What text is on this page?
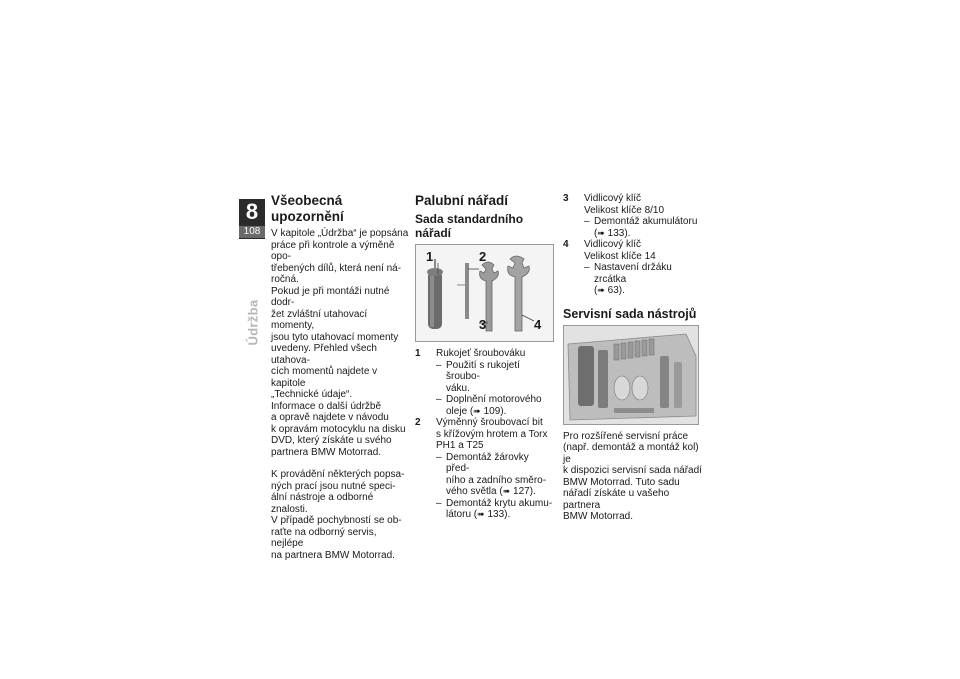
8
108
Údržba
Všeobecná upozornění

V kapitole „Údržba“ je popsána
práce při kontrole a výměně opo-
třebených dílů, která není ná-
ročná.
Pokud je při montáži nutné dodr-
žet zvláštní utahovací momenty,
jsou tyto utahovací momenty
uvedeny. Přehled všech utahova-
cích momentů najdete v kapitole
„Technické údaje“.
Informace o další údržbě
a opravě najdete v návodu
k opravám motocyklu na disku
DVD, který získáte u svého
partnera BMW Motorrad.

K provádění některých popsa-
ných prací jsou nutné speci-
ální nástroje a odborné znalosti.
V případě pochybností se ob-
raťte na odborný servis, nejlépe
na partnera BMW Motorrad.

Palubní nářadí
Sada standardního nářadí
1	2
3	4
1 Rukojeť šroubováku

– Použití s rukojetí šroubo-
váku.

– Doplnění motorového
oleje (➠ 109).

2 Výměnný šroubovací bit
s křížovým hrotem a Torx
PH1 a T25

– Demontáž žárovky před-
ního a zadního směro-
vého světla (➠ 127).

– Demontáž krytu akumu-
látoru (➠ 133).

3 Vidlicový klíč
Velikost klíče 8/10

– Demontáž akumulátoru

(➠ 133).

4 Vidlicový klíč
Velikost klíče 14

– Nastavení držáku zrcátka

(➠ 63).

Servisní sada nástrojů

Pro rozšířené servisní práce
(např. demontáž a montáž kol) je
k dispozici servisní sada nářadí
BMW Motorrad. Tuto sadu
nářadí získáte u vašeho partnera
BMW Motorrad.
